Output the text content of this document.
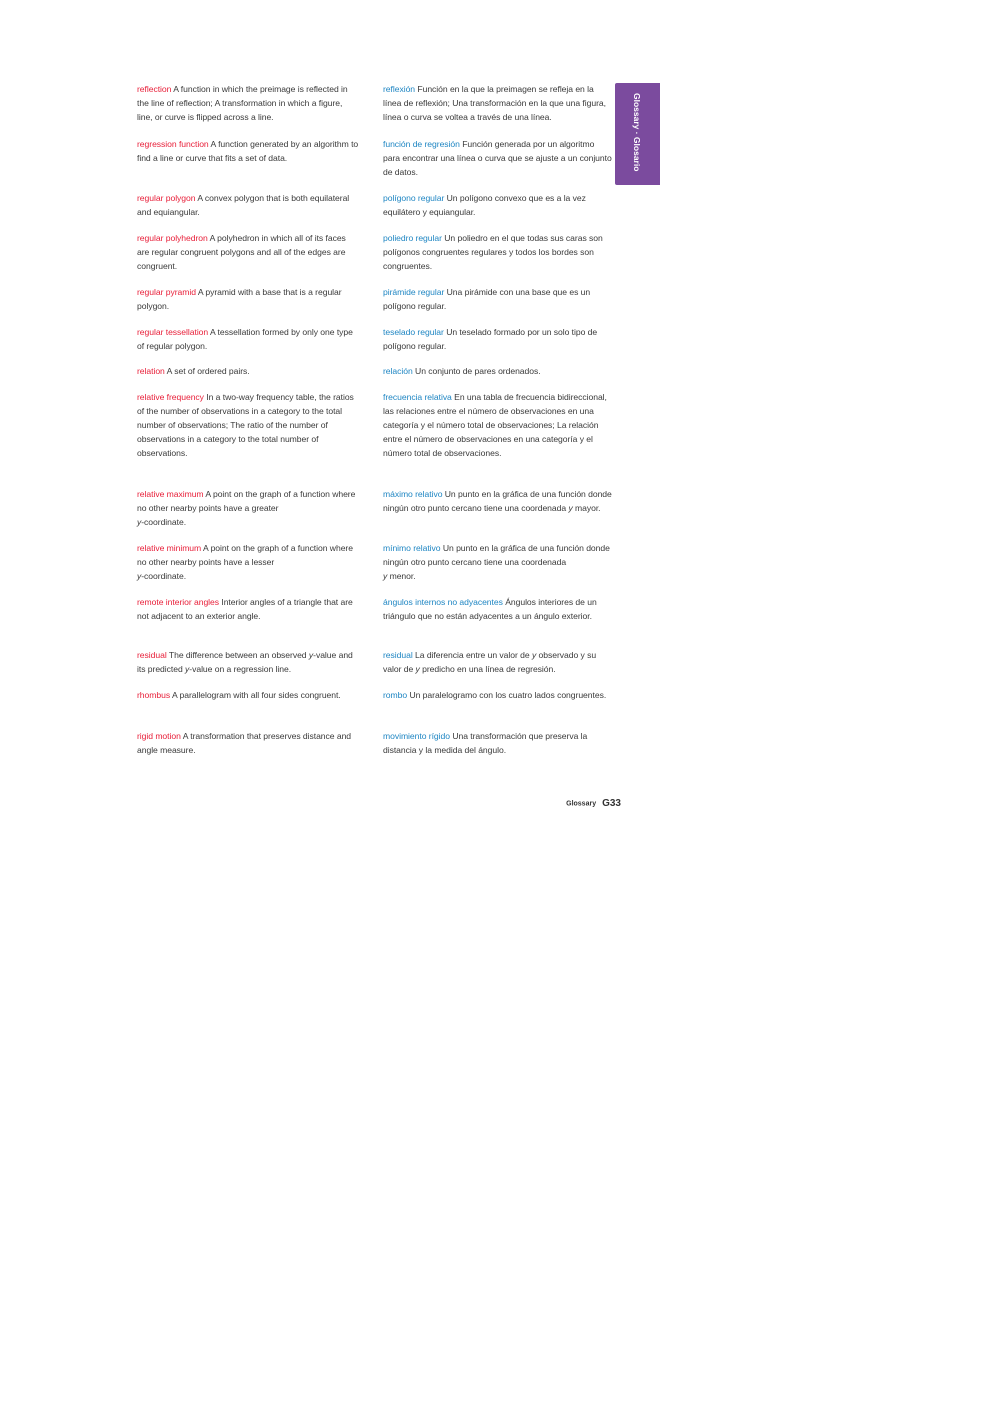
Glossary · Glosario

reflection A function in which the preimage is reflected in the line of reflection; A transformation in which a figure, line, or curve is flipped across a line.

regression function A function generated by an algorithm to find a line or curve that fits a set of data.

regular polygon A convex polygon that is both equilateral and equiangular.

regular polyhedron A polyhedron in which all of its faces are regular congruent polygons and all of the edges are congruent.

regular pyramid A pyramid with a base that is a regular polygon.

regular tessellation A tessellation formed by only one type of regular polygon.

relation A set of ordered pairs.

relative frequency In a two-way frequency table, the ratios of the number of observations in a category to the total number of observations; The ratio of the number of observations in a category to the total number of observations.

relative maximum A point on the graph of a function where no other nearby points have a greater
y-coordinate.

relative minimum A point on the graph of a function where no other nearby points have a lesser
y-coordinate.

remote interior angles Interior angles of a triangle that are not adjacent to an exterior angle.

residual The difference between an observed y-value and its predicted y-value on a regression line.

rhombus A parallelogram with all four sides congruent.

rigid motion A transformation that preserves distance and angle measure.

reflexión Función en la que la preimagen se refleja en la línea de reflexión; Una transformación en la que una figura, línea o curva se voltea a través de una línea.

función de regresión Función generada por un algoritmo para encontrar una línea o curva que se ajuste a un conjunto de datos.

polígono regular Un polígono convexo que es a la vez equilátero y equiangular.

poliedro regular Un poliedro en el que todas sus caras son polígonos congruentes regulares y todos los bordes son congruentes.

pirámide regular Una pirámide con una base que es un polígono regular.

teselado regular Un teselado formado por un solo tipo de polígono regular.

relación Un conjunto de pares ordenados.

frecuencia relativa En una tabla de frecuencia bidireccional, las relaciones entre el número de observaciones en una categoría y el número total de observaciones; La relación entre el número de observaciones en una categoría y el número total de observaciones.

máximo relativo Un punto en la gráfica de una función donde ningún otro punto cercano tiene una coordenada y mayor.

mínimo relativo Un punto en la gráfica de una función donde ningún otro punto cercano tiene una coordenada
y menor.

ángulos internos no adyacentes Ángulos interiores de un triángulo que no están adyacentes a un ángulo exterior.

residual La diferencia entre un valor de y observado y su valor de y predicho en una línea de regresión.

rombo Un paralelogramo con los cuatro lados congruentes.

movimiento rígido Una transformación que preserva la distancia y la medida del ángulo.

Glossary G33
